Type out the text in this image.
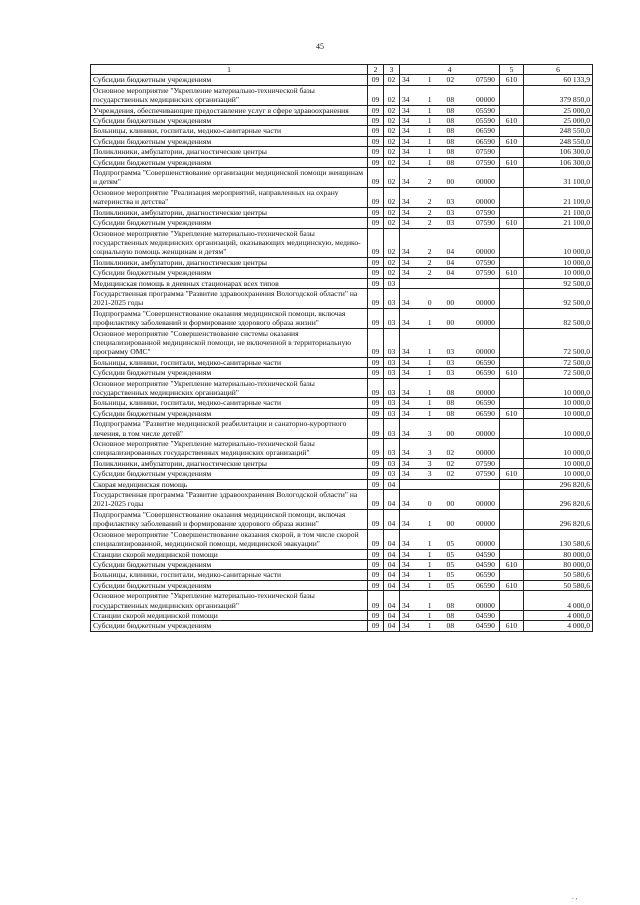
45
1	2	3	4	5	6
Субсидии бюджетным учреждениям	09	02	34 1 02 07590	610	60 133,9
Основное мероприятие "Укрепление материально-технической базы государственных медицинских организаций"	09	02	34 1 08 00000		379 850,0
Учреждения, обеспечивающие предоставление услуг в сфере здравоохранения	09	02	34 1 08 05590		25 000,0
Субсидии бюджетным учреждениям	09	02	34 1 08 05590	610	25 000,0
Больницы, клиники, госпитали, медико-санитарные части	09	02	34 1 08 06590		248 550,0
Субсидии бюджетным учреждениям	09	02	34 1 08 06590	610	248 550,0
Поликлиники, амбулатории, диагностические центры	09	02	34 1 08 07590		106 300,0
Субсидии бюджетным учреждениям	09	02	34 1 08 07590	610	106 300,0
Подпрограмма "Совершенствование организации медицинской помощи женщинам и детям"	09	02	34 2 00 00000		31 100,0
Основное мероприятие "Реализация мероприятий, направленных на охрану материнства и детства"	09	02	34 2 03 00000		21 100,0
Поликлиники, амбулатории, диагностические центры	09	02	34 2 03 07590		21 100,0
Субсидии бюджетным учреждениям	09	02	34 2 03 07590	610	21 100,0
Основное мероприятие "Укрепление материально-технической базы государственных медицинских организаций, оказывающих медицинскую, медико-социальную помощь женщинам и детям"	09	02	34 2 04 00000		10 000,0
Поликлиники, амбулатории, диагностические центры	09	02	34 2 04 07590		10 000,0
Субсидии бюджетным учреждениям	09	02	34 2 04 07590	610	10 000,0
Медицинская помощь в дневных стационарах всех типов	09	03			92 500,0
Государственная программа "Развитие здравоохранения Вологодской области" на 2021-2025 годы	09	03	34 0 00 00000		92 500,0
Подпрограмма "Совершенствование оказания медицинской помощи, включая профилактику заболеваний и формирование здорового образа жизни"	09	03	34 1 00 00000		82 500,0
Основное мероприятие "Совершенствование системы оказания специализированной медицинской помощи, не включенной в территориальную программу ОМС"	09	03	34 1 03 00000		72 500,0
Больницы, клиники, госпитали, медико-санитарные части	09	03	34 1 03 06590		72 500,0
Субсидии бюджетным учреждениям	09	03	34 1 03 06590	610	72 500,0
Основное мероприятие "Укрепление материально-технической базы государственных медицинских организаций"	09	03	34 1 08 00000		10 000,0
Больницы, клиники, госпитали, медико-санитарные части	09	03	34 1 08 06590		10 000,0
Субсидии бюджетным учреждениям	09	03	34 1 08 06590	610	10 000,0
Подпрограмма "Развитие медицинской реабилитации и санаторно-курортного лечения, в том числе детей"	09	03	34 3 00 00000		10 000,0
Основное мероприятие "Укрепление материально-технической базы специализированных государственных медицинских организаций"	09	03	34 3 02 00000		10 000,0
Поликлиники, амбулатории, диагностические центры	09	03	34 3 02 07590		10 000,0
Субсидии бюджетным учреждениям	09	03	34 3 02 07590	610	10 000,0
Скорая медицинская помощь	09	04			296 820,6
Государственная программа "Развитие здравоохранения Вологодской области" на 2021-2025 годы	09	04	34 0 00 00000		296 820,6
Подпрограмма "Совершенствование оказания медицинской помощи, включая профилактику заболеваний и формирование здорового образа жизни"	09	04	34 1 00 00000		296 820,6
Основное мероприятие "Совершенствование оказания скорой, в том числе скорой специализированной, медицинской помощи, медицинской эвакуации"	09	04	34 1 05 00000		130 580,6
Станции скорой медицинской помощи	09	04	34 1 05 04590		80 000,0
Субсидии бюджетным учреждениям	09	04	34 1 05 04590	610	80 000,0
Больницы, клиники, госпитали, медико-санитарные части	09	04	34 1 05 06590		50 580,6
Субсидии бюджетным учреждениям	09	04	34 1 05 06590	610	50 580,6
Основное мероприятие "Укрепление материально-технической базы государственных медицинских организаций"	09	04	34 1 08 00000		4 000,0
Станции скорой медицинской помощи	09	04	34 1 08 04590		4 000,0
Субсидии бюджетным учреждениям	09	04	34 1 08 04590	610	4 000,0
. ,
